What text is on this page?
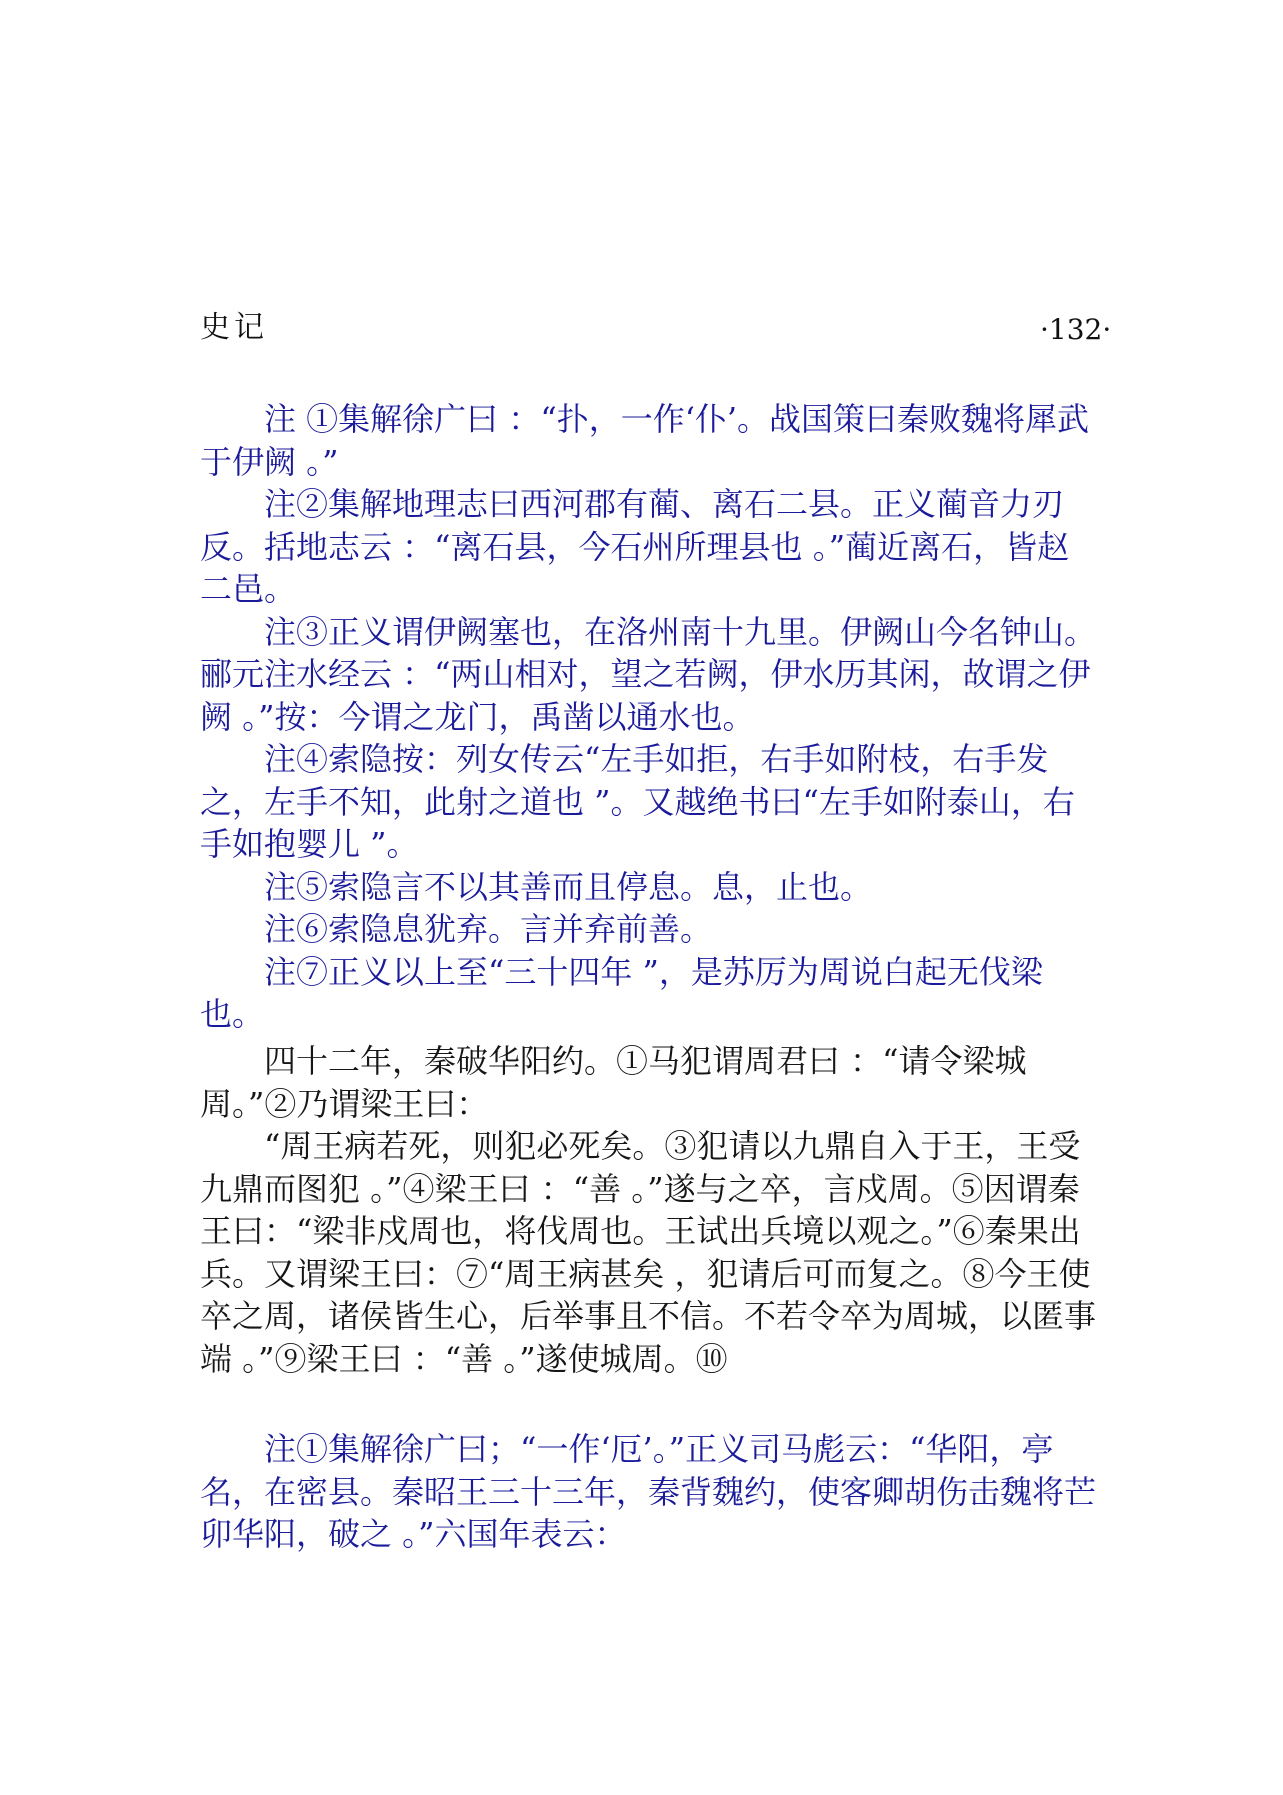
史记	·132·

注 ①集解徐广曰 ：“扑，一作‘仆’。战国策曰秦败魏将犀武于伊阙 。”

注②集解地理志曰西河郡有蔺、离石二县。正义蔺音力刃反。括地志云 ：“离石县，今石州所理县也 。”蔺近离石，皆赵二邑。

注③正义谓伊阙塞也，在洛州南十九里。伊阙山今名钟山。郦元注水经云 ：“两山相对，望之若阙，伊水历其闲，故谓之伊阙 。”按：今谓之龙门，禹凿以通水也。

注④索隐按：列女传云“左手如拒，右手如附枝，右手发之，左手不知，此射之道也 ”。又越绝书曰“左手如附泰山，右手如抱婴儿 ”。

注⑤索隐言不以其善而且停息。息，止也。

注⑥索隐息犹弃。言并弃前善。

注⑦正义以上至“三十四年 ”，是苏厉为周说白起无伐梁也。

四十二年，秦破华阳约。①马犯谓周君曰 ：“请令梁城周。”②乃谓梁王曰：

“周王病若死，则犯必死矣。③犯请以九鼎自入于王，王受九鼎而图犯 。”④梁王曰 ：“善 。”遂与之卒，言戍周。⑤因谓秦王曰：“梁非戍周也，将伐周也。王试出兵境以观之。”⑥秦果出兵。又谓梁王曰：⑦“周王病甚矣 ，犯请后可而复之。⑧今王使卒之周，诸侯皆生心，后举事且不信。不若令卒为周城，以匿事端 。”⑨梁王曰 ：“善 。”遂使城周。⑩

注①集解徐广曰；“一作‘厄’。”正义司马彪云：“华阳，亭名，在密县。秦昭王三十三年，秦背魏约，使客卿胡伤击魏将芒卯华阳，破之 。”六国年表云：
